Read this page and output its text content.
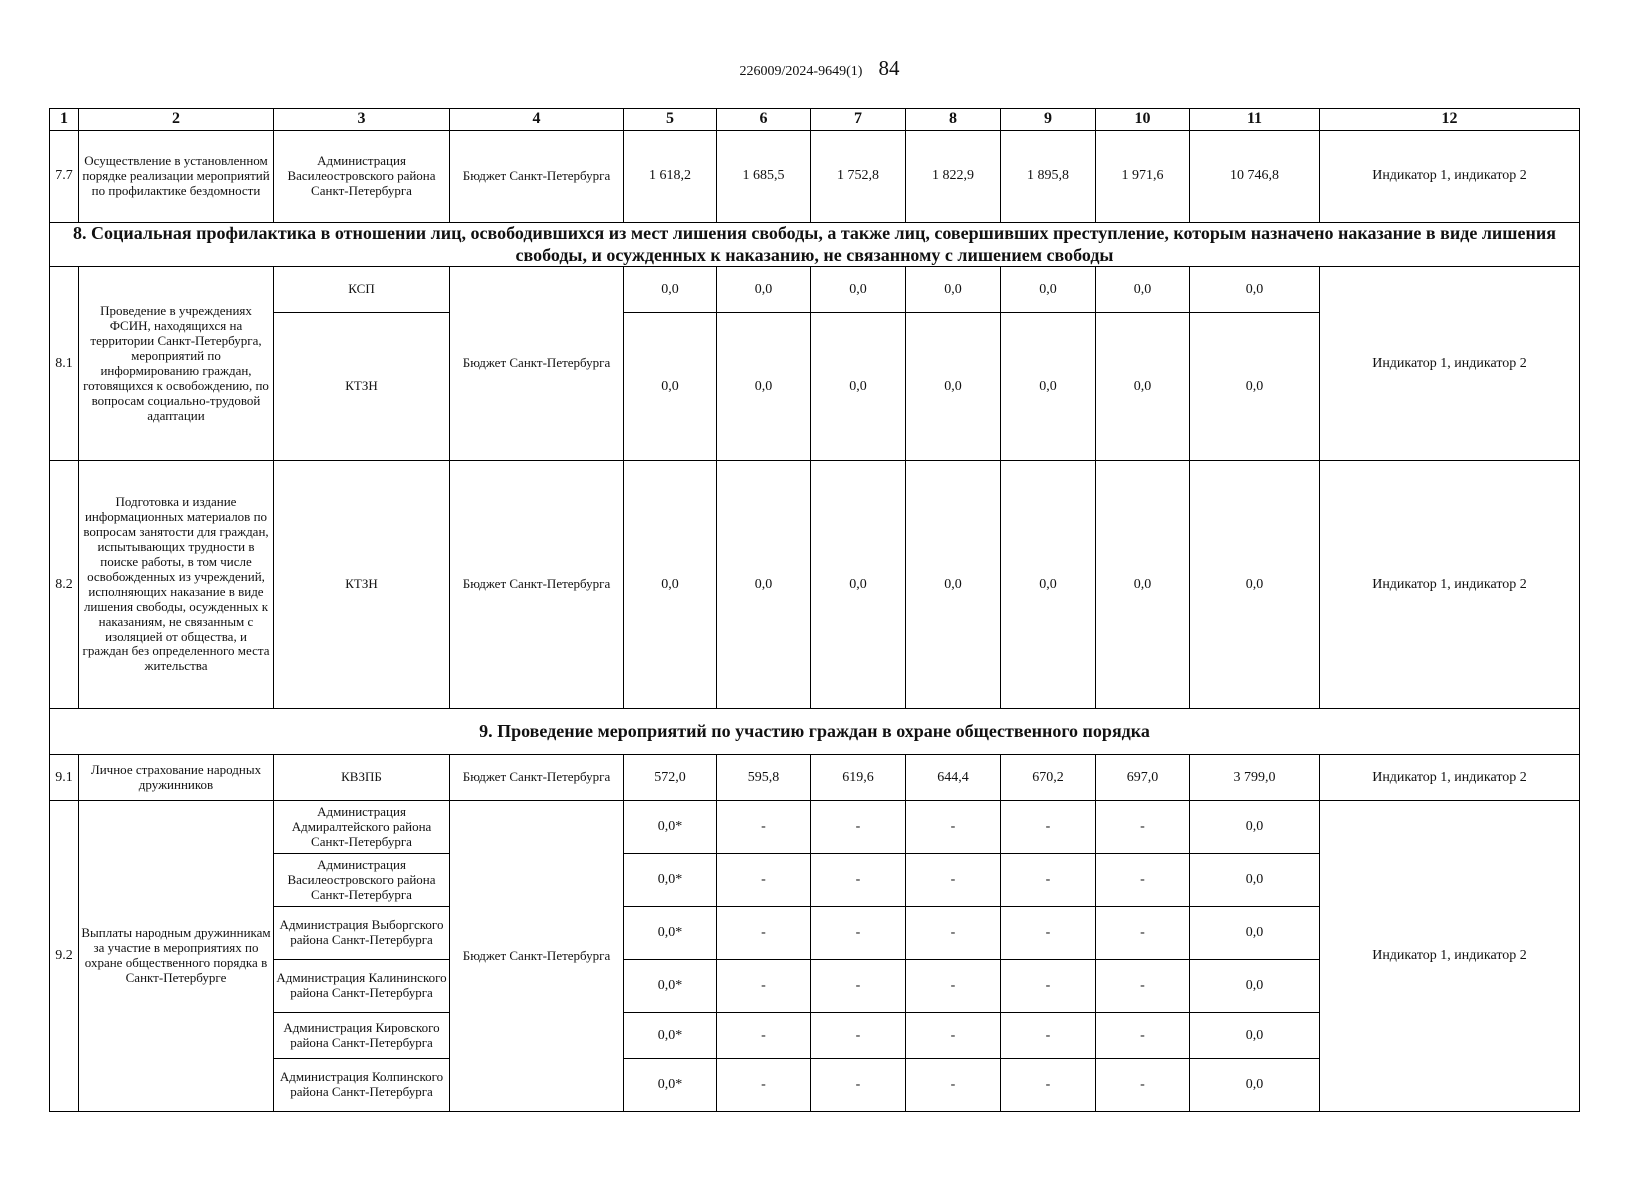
226009/2024-9649(1) 84
1	2	3	4	5	6	7	8	9	10	11	12
7.7	Осуществление в установленном порядке реализации мероприятий по профилактике бездомности	Администрация Василеостровского района Санкт-Петербурга	Бюджет Санкт-Петербурга	1 618,2	1 685,5	1 752,8	1 822,9	1 895,8	1 971,6	10 746,8	Индикатор 1, индикатор 2
8. Социальная профилактика в отношении лиц, освободившихся из мест лишения свободы, а также лиц, совершивших преступление, которым назначено наказание в виде лишения свободы, и осужденных к наказанию, не связанному с лишением свободы											
8.1	Проведение в учреждениях ФСИН, находящихся на территории Санкт-Петербурга, мероприятий по информированию граждан, готовящихся к освобождению, по вопросам социально-трудовой адаптации	КСП	Бюджет Санкт-Петербурга	0,0	0,0	0,0	0,0	0,0	0,0	0,0	Индикатор 1, индикатор 2
		КТЗН		0,0	0,0	0,0	0,0	0,0	0,0	0,0	
8.2	Подготовка и издание информационных материалов по вопросам занятости для граждан, испытывающих трудности в поиске работы, в том числе освобожденных из учреждений, исполняющих наказание в виде лишения свободы, осужденных к наказаниям, не связанным с изоляцией от общества, и граждан без определенного места жительства	КТЗН	Бюджет Санкт-Петербурга	0,0	0,0	0,0	0,0	0,0	0,0	0,0	Индикатор 1, индикатор 2
9. Проведение мероприятий по участию граждан в охране общественного порядка											
9.1	Личное страхование народных дружинников	КВЗПБ	Бюджет Санкт-Петербурга	572,0	595,8	619,6	644,4	670,2	697,0	3 799,0	Индикатор 1, индикатор 2
9.2	Выплаты народным дружинникам за участие в мероприятиях по охране общественного порядка в Санкт-Петербурге	Администрация Адмиралтейского района Санкт-Петербурга	Бюджет Санкт-Петербурга	0,0*	-	-	-	-	-	0,0	Индикатор 1, индикатор 2
		Администрация Василеостровского района Санкт-Петербурга		0,0*	-	-	-	-	-	0,0	
		Администрация Выборгского района Санкт-Петербурга		0,0*	-	-	-	-	-	0,0	
		Администрация Калининского района Санкт-Петербурга		0,0*	-	-	-	-	-	0,0	
		Администрация Кировского района Санкт-Петербурга		0,0*	-	-	-	-	-	0,0	
		Администрация Колпинского района Санкт-Петербурга		0,0*	-	-	-	-	-	0,0	
